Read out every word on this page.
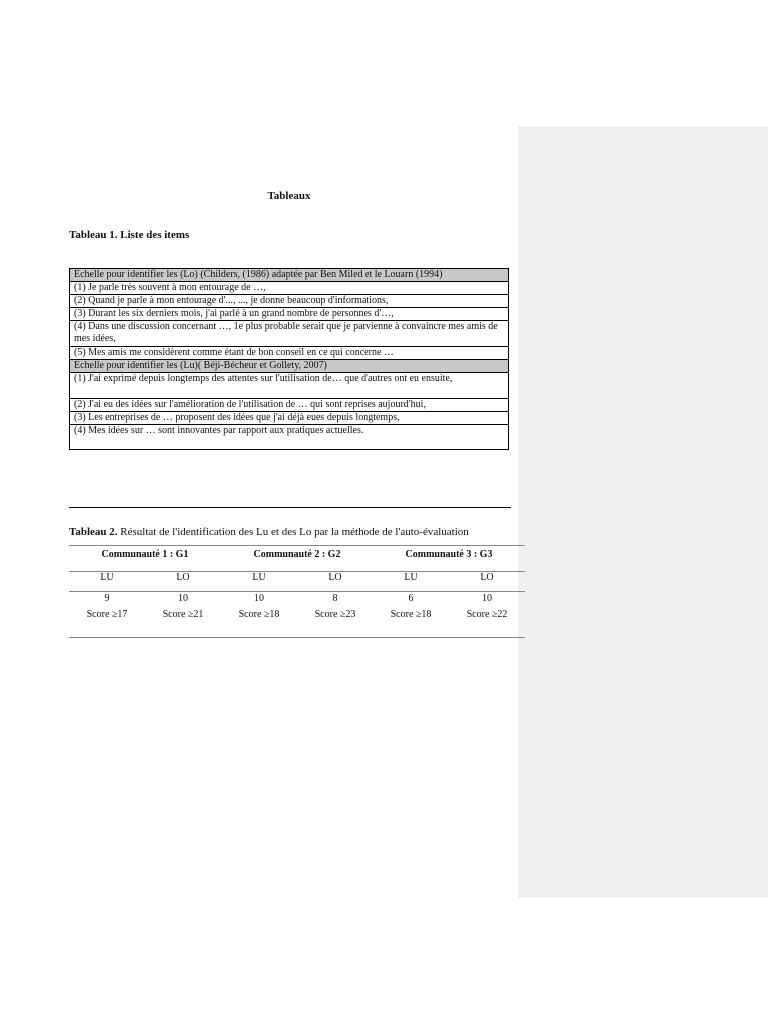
Tableaux
Tableau 1. Liste des items
Echelle pour identifier les (Lo) (Childers, (1986) adaptée par Ben Miled et le Louarn (1994)
(1) Je parle très souvent à mon entourage de …,
(2) Quand je parle à mon entourage d'..., ..., je donne beaucoup d'informations,
(3) Durant les six derniers mois, j'ai parlé à un grand nombre de personnes d'…,
(4) Dans une discussion concernant …, 1e plus probable serait que je parvienne à convaincre mes amis de mes idées,
(5) Mes amis me considèrent comme étant de bon conseil en ce qui concerne …
Echelle pour identifier les (Lu)( Béji-Bécheur et Gollety, 2007)
(1) J'ai exprimé depuis longtemps des attentes sur l'utilisation de… que d'autres ont eu ensuite,
(2) J'ai eu des idées sur l'amélioration de l'utilisation de … qui sont reprises aujourd'hui,
(3) Les entreprises de … proposent des idées que j'ai déjà eues depuis longtemps,
(4) Mes idées sur … sont innovantes par rapport aux pratiques actuelles.
Tableau 2. Résultat de l'identification des Lu et des Lo par la méthode de l'auto-évaluation
Communauté 1 : G1	Communauté 2 : G2	Communauté 3 : G3
LU	LO	LU	LO	LU	LO
9	10	10	8	6	10
Score ≥17	Score ≥21	Score ≥18	Score ≥23	Score ≥18	Score ≥22
